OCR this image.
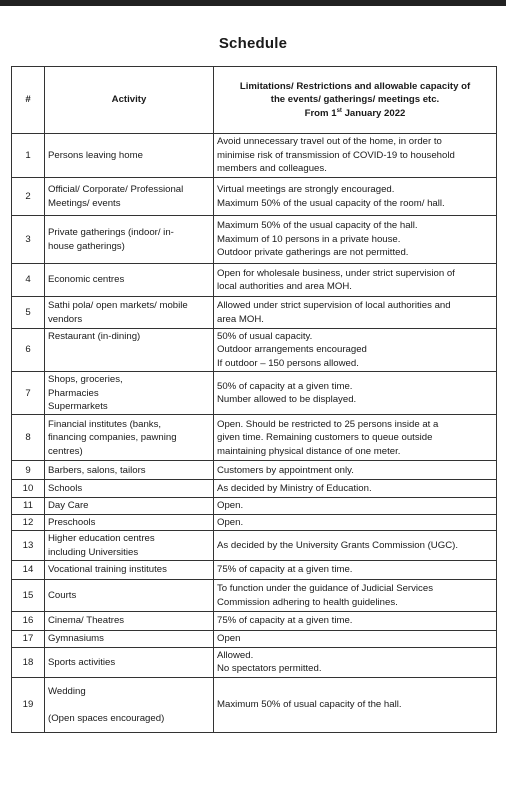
Schedule
#	Activity	Limitations/ Restrictions and allowable capacity of
the events/ gatherings/ meetings etc.
From 1st January 2022

1	Persons leaving home	Avoid unnecessary travel out of the home, in order to
minimise risk of transmission of COVID-19 to household
members and colleagues.

2	Official/ Corporate/ Professional
Meetings/ events	Virtual meetings are strongly encouraged.
Maximum 50% of the usual capacity of the room/ hall.

3	Private gatherings (indoor/ in-
house gatherings)	Maximum 50% of the usual capacity of the hall.
Maximum of 10 persons in a private house.
Outdoor private gatherings are not permitted.

4	Economic centres	Open for wholesale business, under strict supervision of
local authorities and area MOH.

5	Sathi pola/ open markets/ mobile
vendors	Allowed under strict supervision of local authorities and
area MOH.

6	Restaurant (in-dining)	50% of usual capacity.
Outdoor arrangements encouraged
If outdoor – 150 persons allowed.

7	Shops, groceries,
Pharmacies
Supermarkets	50% of capacity at a given time.
Number allowed to be displayed.

8	Financial institutes (banks,
financing companies, pawning
centres)	Open. Should be restricted to 25 persons inside at a
given time. Remaining customers to queue outside
maintaining physical distance of one meter.

9	Barbers, salons, tailors	Customers by appointment only.

10	Schools	As decided by Ministry of Education.

11	Day Care	Open.

12	Preschools	Open.

13	Higher education centres
including Universities	As decided by the University Grants Commission (UGC).

14	Vocational training institutes	75% of capacity at a given time.

15	Courts	To function under the guidance of Judicial Services
Commission adhering to health guidelines.

16	Cinema/ Theatres	75% of capacity at a given time.

17	Gymnasiums	Open

18	Sports activities	Allowed.
No spectators permitted.

19	Wedding

(Open spaces encouraged)	Maximum 50% of usual capacity of the hall.
